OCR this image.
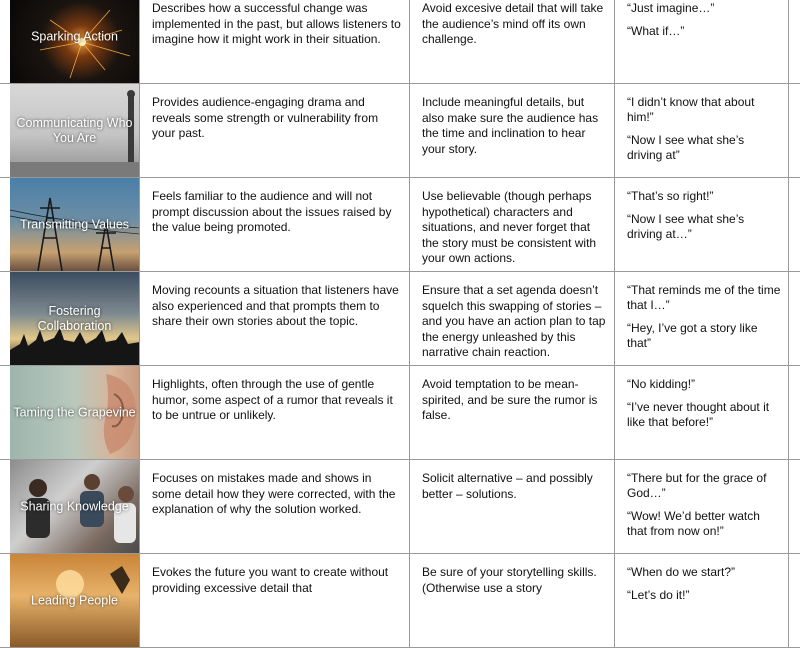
Sparking Action
Describes how a successful change was implemented in the past, but allows listeners to imagine how it might work in their situation.
Avoid excesive detail that will take the audience’s mind off its own challenge.
“Just imagine…”
“What if…”
Communicating Who You Are
Provides audience-engaging drama and reveals some strength or vulnerability from your past.
Include meaningful details, but also make sure the audience has the time and inclination to hear your story.
“I didn’t know that about him!”
“Now I see what she’s driving at”
Transmitting Values
Feels familiar to the audience and will not prompt discussion about the issues raised by the value being promoted.
Use believable (though perhaps hypothetical) characters and situations, and never forget that the story must be consistent with your own actions.
“That’s so right!”
“Now I see what she’s driving at…”
Fostering Collaboration
Moving recounts a situation that listeners have also experienced and that prompts them to share their own stories about the topic.
Ensure that a set agenda doesn’t squelch this swapping of stories – and you have an action plan to tap the energy unleashed by this narrative chain reaction.
“That reminds me of the time that I…”
“Hey, I’ve got a story like that”
Taming the Grapevine
Highlights, often through the use of gentle humor, some aspect of a rumor that reveals it to be untrue or unlikely.
Avoid temptation to be mean-spirited, and be sure the rumor is false.
“No kidding!”
“I’ve never thought about it like that before!”
Sharing Knowledge
Focuses on mistakes made and shows in some detail how they were corrected, with the explanation of why the solution worked.
Solicit alternative – and possibly better – solutions.
“There but for the grace of God…”
“Wow! We’d better watch that from now on!”
Leading People
Evokes the future you want to create without providing excessive detail that
Be sure of your storytelling skills. (Otherwise use a story
“When do we start?”
“Let’s do it!”
